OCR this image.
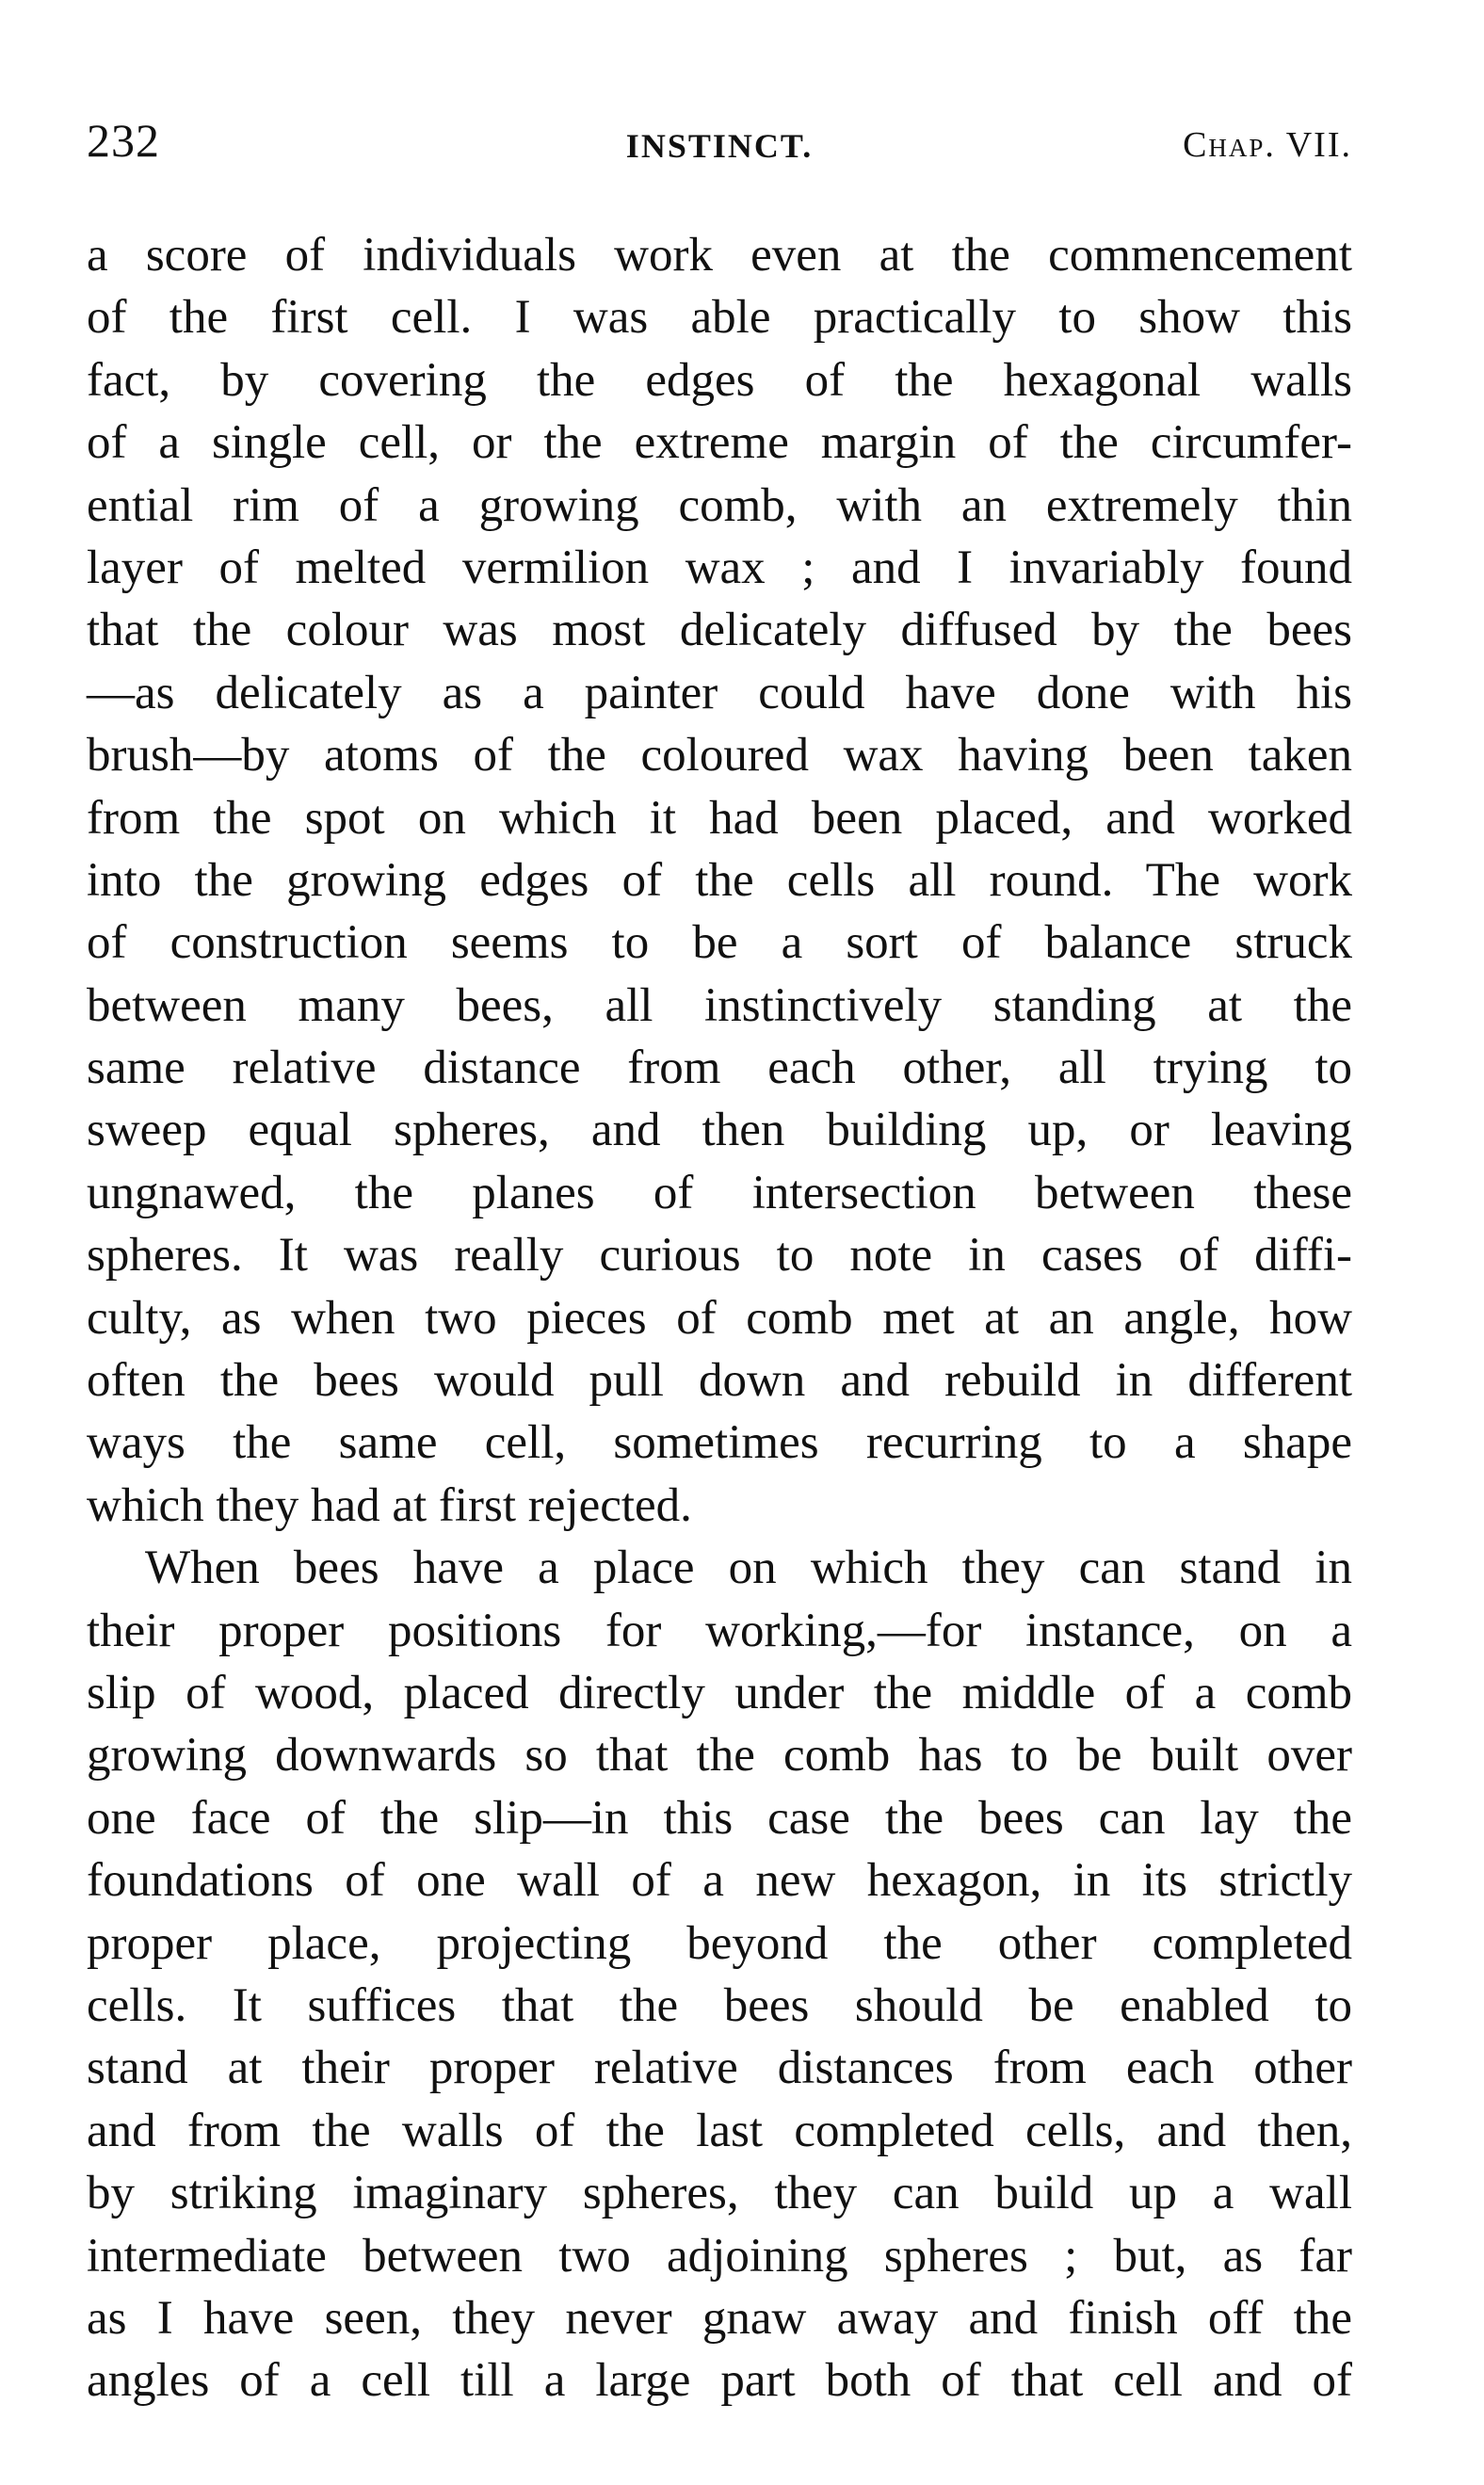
232	INSTINCT.	Chap. VII.
a score of individuals work even at the commencement
of the first cell. I was able practically to show this
fact, by covering the edges of the hexagonal walls
of a single cell, or the extreme margin of the circumfer-
ential rim of a growing comb, with an extremely thin
layer of melted vermilion wax ; and I invariably found
that the colour was most delicately diffused by the bees
—as delicately as a painter could have done with his
brush—by atoms of the coloured wax having been taken
from the spot on which it had been placed, and worked
into the growing edges of the cells all round. The work
of construction seems to be a sort of balance struck
between many bees, all instinctively standing at the
same relative distance from each other, all trying to
sweep equal spheres, and then building up, or leaving
ungnawed, the planes of intersection between these
spheres. It was really curious to note in cases of diffi-
culty, as when two pieces of comb met at an angle, how
often the bees would pull down and rebuild in different
ways the same cell, sometimes recurring to a shape
which they had at first rejected.
When bees have a place on which they can stand in
their proper positions for working,—for instance, on a
slip of wood, placed directly under the middle of a comb
growing downwards so that the comb has to be built over
one face of the slip—in this case the bees can lay the
foundations of one wall of a new hexagon, in its strictly
proper place, projecting beyond the other completed
cells. It suffices that the bees should be enabled to
stand at their proper relative distances from each other
and from the walls of the last completed cells, and then,
by striking imaginary spheres, they can build up a wall
intermediate between two adjoining spheres ; but, as far
as I have seen, they never gnaw away and finish off the
angles of a cell till a large part both of that cell and of
